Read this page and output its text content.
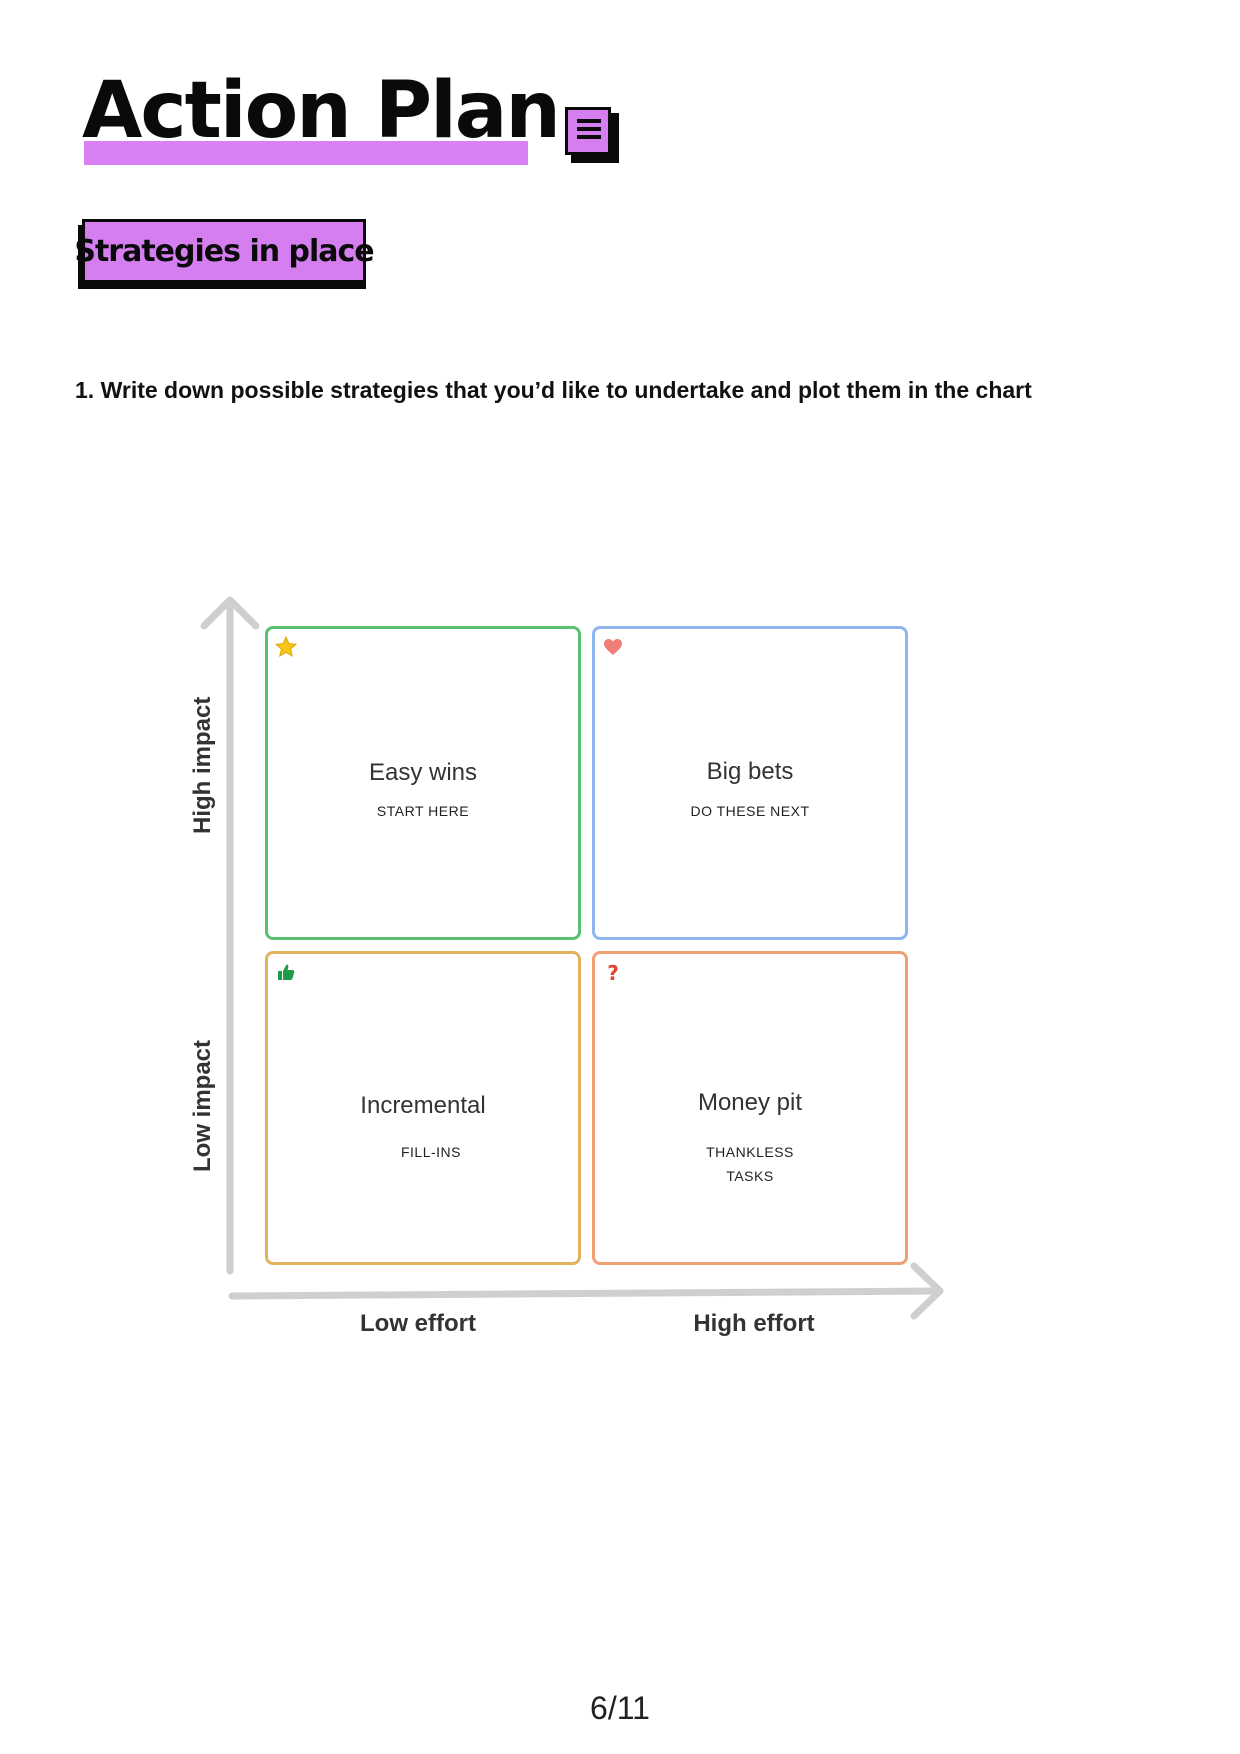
Action Plan
Strategies in place
1. Write down possible strategies that you’d like to undertake and plot them in the chart
Easy wins
START HERE
Big bets
DO THESE NEXT
Incremental
FILL-INS
?
Money pit
THANKLESS
TASKS
High impact
Low impact
Low effort	High effort
6/11
